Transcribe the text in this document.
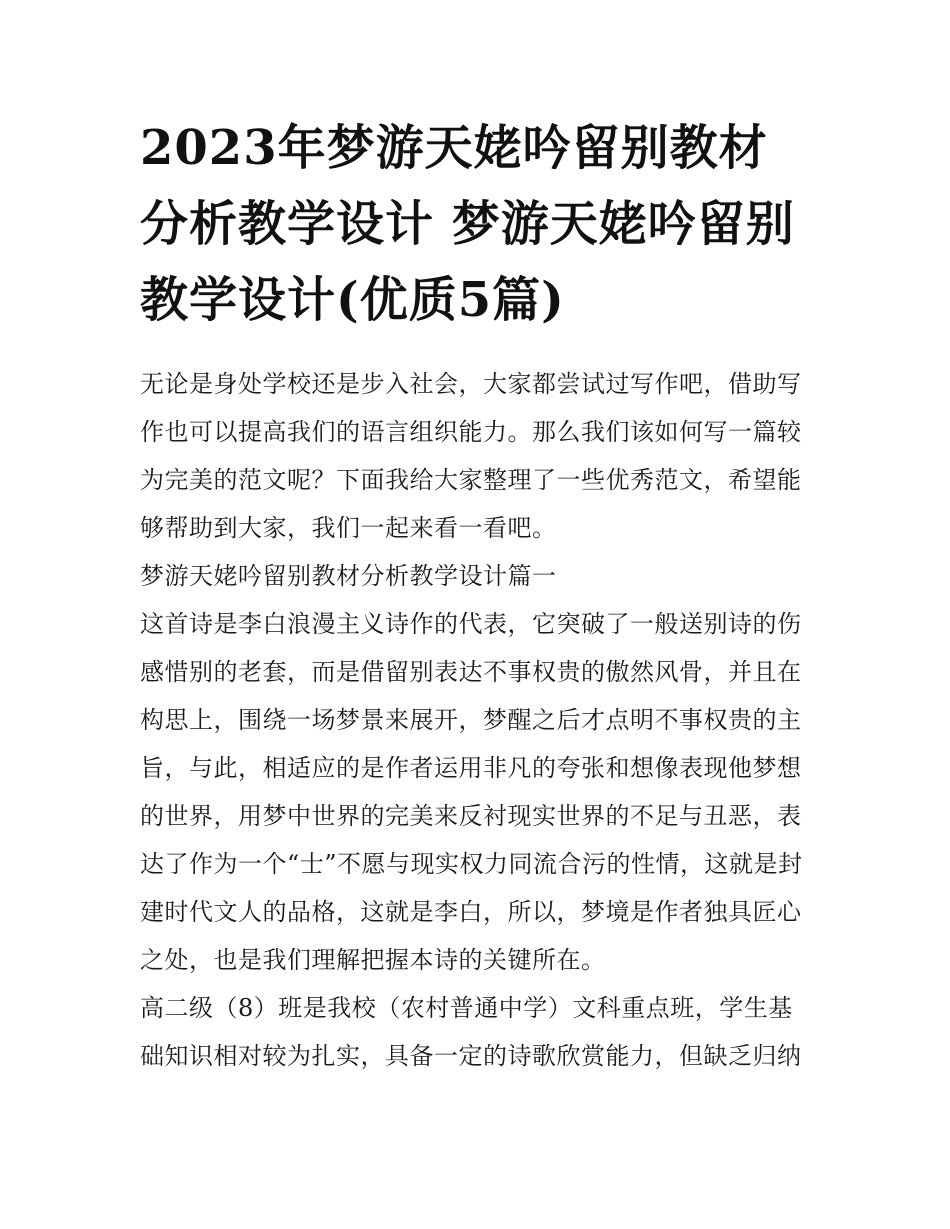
2023年梦游天姥吟留别教材分析教学设计 梦游天姥吟留别教学设计(优质5篇)

无论是身处学校还是步入社会，大家都尝试过写作吧，借助写作也可以提高我们的语言组织能力。那么我们该如何写一篇较为完美的范文呢？下面我给大家整理了一些优秀范文，希望能够帮助到大家，我们一起来看一看吧。

梦游天姥吟留别教材分析教学设计篇一

这首诗是李白浪漫主义诗作的代表，它突破了一般送别诗的伤感惜别的老套，而是借留别表达不事权贵的傲然风骨，并且在构思上，围绕一场梦景来展开，梦醒之后才点明不事权贵的主旨，与此，相适应的是作者运用非凡的夸张和想像表现他梦想的世界，用梦中世界的完美来反衬现实世界的不足与丑恶，表达了作为一个“士”不愿与现实权力同流合污的性情，这就是封建时代文人的品格，这就是李白，所以，梦境是作者独具匠心之处，也是我们理解把握本诗的关键所在。

高二级（8）班是我校（农村普通中学）文科重点班，学生基础知识相对较为扎实，具备一定的诗歌欣赏能力，但缺乏归纳
